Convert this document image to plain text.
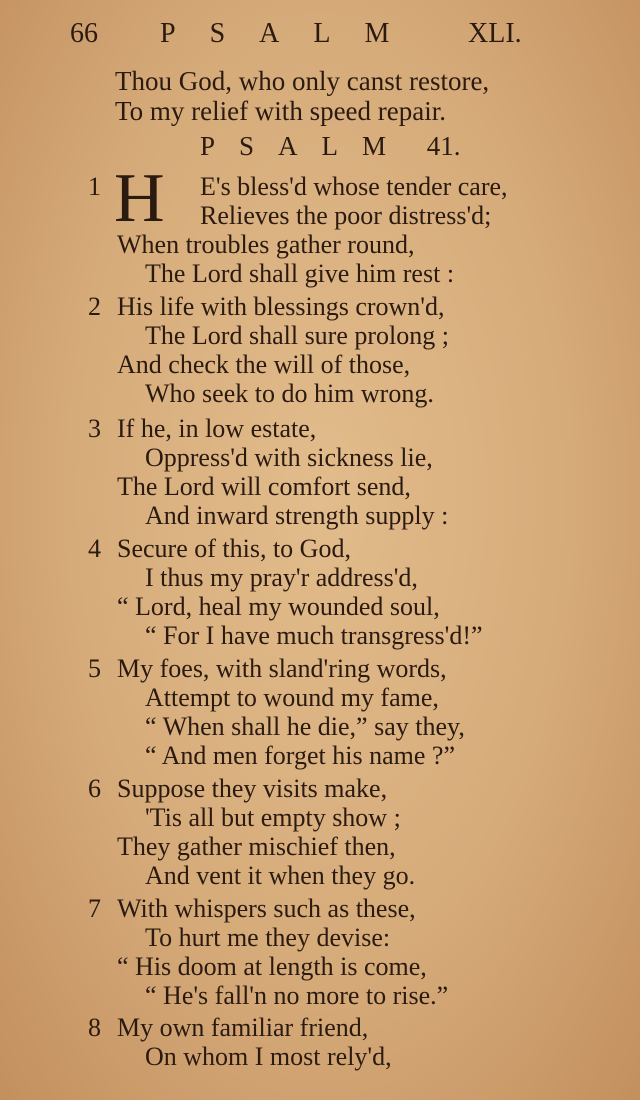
66 PSALM	XLI.
Thou God, who only canst restore,
To my relief with speed repair.
PSALM 41.
1 H E's bless'd whose tender care,
Relieves the poor distress'd;
When troubles gather round,
The Lord shall give him rest :
2 His life with blessings crown'd,
The Lord shall sure prolong ;
And check the will of those,
Who seek to do him wrong.
3 If he, in low estate,
Oppress'd with sickness lie,
The Lord will comfort send,
And inward strength supply :
4 Secure of this, to God,
I thus my pray'r address'd,
“ Lord, heal my wounded soul,
“ For I have much transgress'd!”
5 My foes, with sland'ring words,
Attempt to wound my fame,
“ When shall he die,” say they,
“ And men forget his name ?”
6 Suppose they visits make,
'Tis all but empty show ;
They gather mischief then,
And vent it when they go.
7 With whispers such as these,
To hurt me they devise:
“ His doom at length is come,
“ He's fall'n no more to rise.”
8 My own familiar friend,
On whom I most rely'd,
